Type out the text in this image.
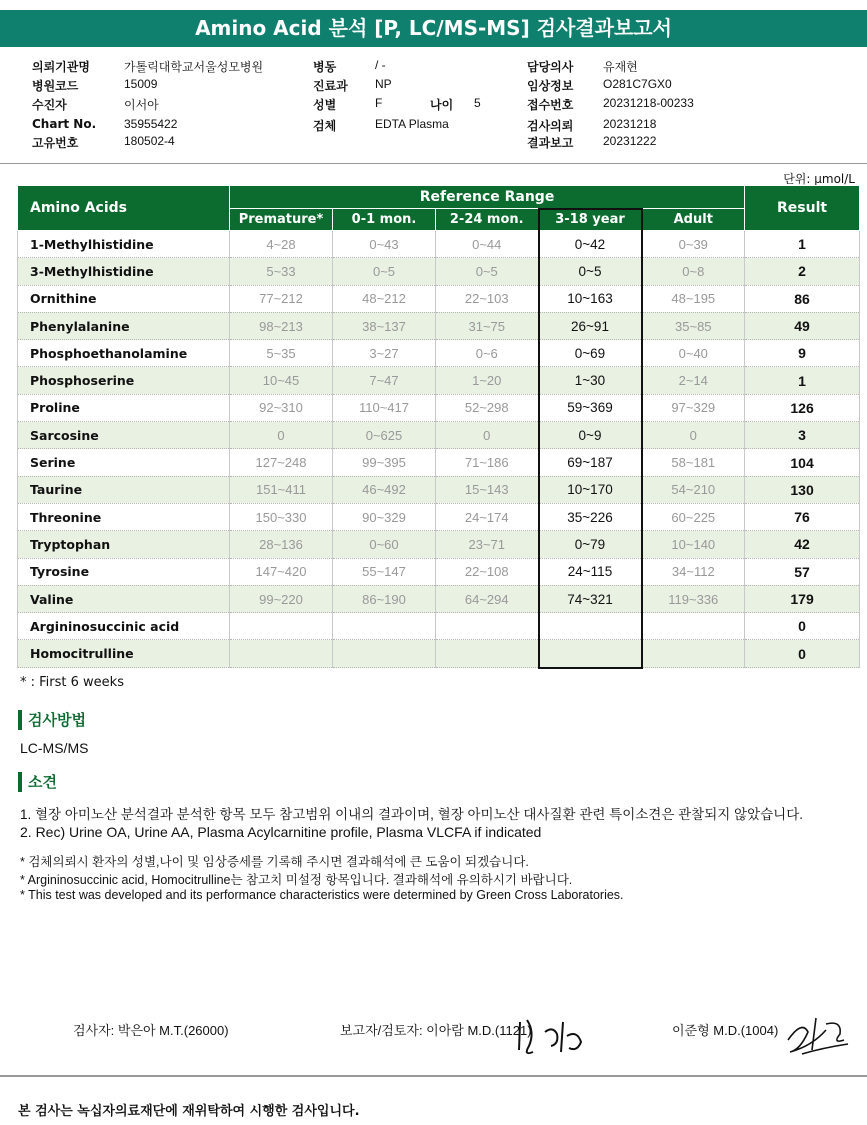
Amino Acid 분석 [P, LC/MS-MS] 검사결과보고서
의뢰기관명	가톨릭대학교서울성모병원
병원코드	15009
수진자	이서아
Chart No. 35955422
고유번호	180502-4
병동	/ -
진료과 NP
성별	F
검체	EDTA Plasma
담당의사 유재현
임상정보 O281C7GX0
접수번호 20231218-00233
검사의뢰 20231218
결과보고 20231222
나이 5
단위: μmol/L
Amino Acids	Reference Range					Result
	Premature*	0-1 mon.	2-24 mon.	3-18 year	Adult	
1-Methylhistidine	4~28	0~43	0~44	0~42	0~39	1
3-Methylhistidine	5~33	0~5	0~5	0~5	0~8	2
Ornithine	77~212	48~212	22~103	10~163	48~195	86
Phenylalanine	98~213	38~137	31~75	26~91	35~85	49
Phosphoethanolamine	5~35	3~27	0~6	0~69	0~40	9
Phosphoserine	10~45	7~47	1~20	1~30	2~14	1
Proline	92~310	110~417	52~298	59~369	97~329	126
Sarcosine	0	0~625	0	0~9	0	3
Serine	127~248	99~395	71~186	69~187	58~181	104
Taurine	151~411	46~492	15~143	10~170	54~210	130
Threonine	150~330	90~329	24~174	35~226	60~225	76
Tryptophan	28~136	0~60	23~71	0~79	10~140	42
Tyrosine	147~420	55~147	22~108	24~115	34~112	57
Valine	99~220	86~190	64~294	74~321	119~336	179
Argininosuccinic acid						0
Homocitrulline						0
* : First 6 weeks
검사방법
LC-MS/MS
소견
1. 혈장 아미노산 분석결과 분석한 항목 모두 참고범위 이내의 결과이며, 혈장 아미노산 대사질환 관련 특이소견은 관찰되지 않았습니다.
2. Rec) Urine OA, Urine AA, Plasma Acylcarnitine profile, Plasma VLCFA if indicated
* 검체의뢰시 환자의 성별,나이 및 임상증세를 기록해 주시면 결과해석에 큰 도움이 되겠습니다.
* Argininosuccinic acid, Homocitrulline는 참고치 미설정 항목입니다. 결과해석에 유의하시기 바랍니다.
* This test was developed and its performance characteristics were determined by Green Cross Laboratories.
검사자: 박은아 M.T.(26000)	보고자/검토자: 이아람 M.D.(1121)	이준형 M.D.(1004)
본 검사는 녹십자의료재단에 재위탁하여 시행한 검사입니다.
